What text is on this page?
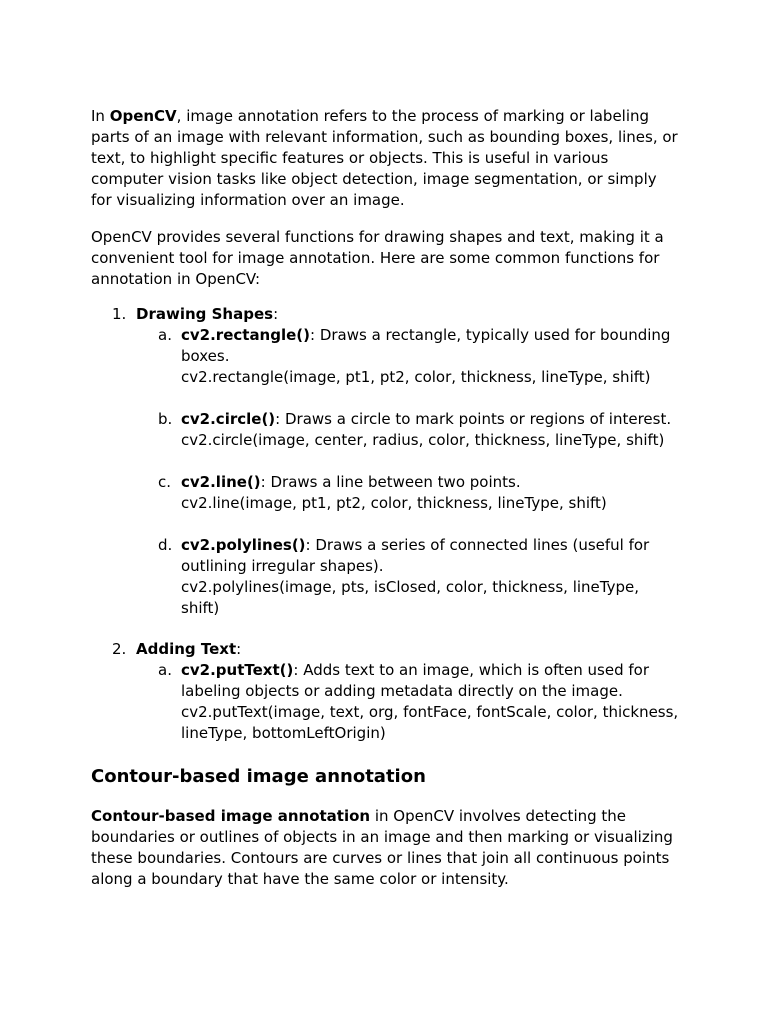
In OpenCV, image annotation refers to the process of marking or labeling parts of an image with relevant information, such as bounding boxes, lines, or text, to highlight specific features or objects. This is useful in various computer vision tasks like object detection, image segmentation, or simply for visualizing information over an image.

OpenCV provides several functions for drawing shapes and text, making it a convenient tool for image annotation. Here are some common functions for annotation in OpenCV:

1. Drawing Shapes:
a. cv2.rectangle(): Draws a rectangle, typically used for bounding boxes.
cv2.rectangle(image, pt1, pt2, color, thickness, lineType, shift)
b. cv2.circle(): Draws a circle to mark points or regions of interest.
cv2.circle(image, center, radius, color, thickness, lineType, shift)
c. cv2.line(): Draws a line between two points.
cv2.line(image, pt1, pt2, color, thickness, lineType, shift)
d. cv2.polylines(): Draws a series of connected lines (useful for outlining irregular shapes).
cv2.polylines(image, pts, isClosed, color, thickness, lineType, shift)
2. Adding Text:
a. cv2.putText(): Adds text to an image, which is often used for labeling objects or adding metadata directly on the image.
cv2.putText(image, text, org, fontFace, fontScale, color, thickness, lineType, bottomLeftOrigin)
Contour-based image annotation

Contour-based image annotation in OpenCV involves detecting the boundaries or outlines of objects in an image and then marking or visualizing these boundaries. Contours are curves or lines that join all continuous points along a boundary that have the same color or intensity.
